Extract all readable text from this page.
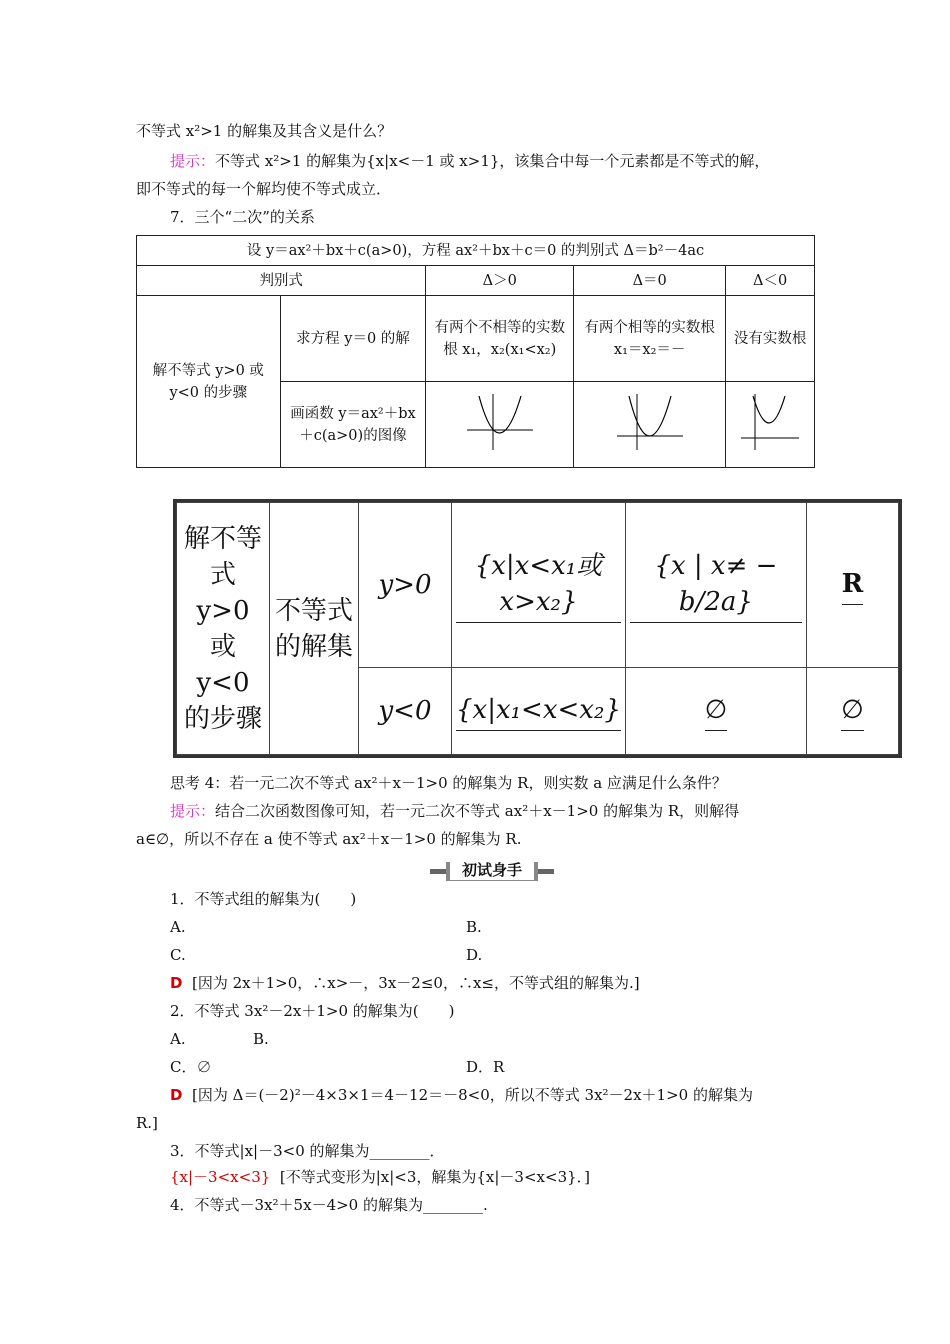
不等式 x²>1 的解集及其含义是什么？
提示：不等式 x²>1 的解集为{x|x<－1 或 x>1}，该集合中每一个元素都是不等式的解，
即不等式的每一个解均使不等式成立．
7．三个“二次”的关系
设 y＝ax²＋bx＋c(a>0)，方程 ax²＋bx＋c＝0 的判别式 Δ＝b²－4ac				
判别式		Δ＞0	Δ＝0	Δ＜0
解不等式 y>0 或 y<0 的步骤	求方程 y＝0 的解	有两个不相等的实数根 x₁，x₂(x₁<x₂)	有两个相等的实数根 x₁＝x₂＝－	没有实数根
	画函数 y＝ax²＋bx＋c(a>0)的图像			
解不等式 y>0 或 y<0 的步骤	不等式的解集	y>0	{x|x<x₁或 x>x₂}	{x | x≠ − b/2a}	R
		y<0	{x|x₁<x<x₂}	∅	∅
思考 4：若一元二次不等式 ax²＋x－1>0 的解集为 R，则实数 a 应满足什么条件？
提示：结合二次函数图像可知，若一元二次不等式 ax²＋x－1>0 的解集为 R，则解得
a∈∅，所以不存在 a 使不等式 ax²＋x－1>0 的解集为 R.
初试身手
1．不等式组的解集为(　　)
A.	B.
C.	D.
D [因为 2x＋1>0，∴x>－，3x－2≤0，∴x≤，不等式组的解集为.]
2．不等式 3x²－2x＋1>0 的解集为(　　)
A.	B.
C．∅	D．R
D [因为 Δ＝(－2)²－4×3×1＝4－12＝－8<0，所以不等式 3x²－2x＋1>0 的解集为
R.]
3．不等式|x|－3<0 的解集为________．
{x|－3<x<3} [不等式变形为|x|<3，解集为{x|－3<x<3}．]
4．不等式－3x²＋5x－4>0 的解集为________.
